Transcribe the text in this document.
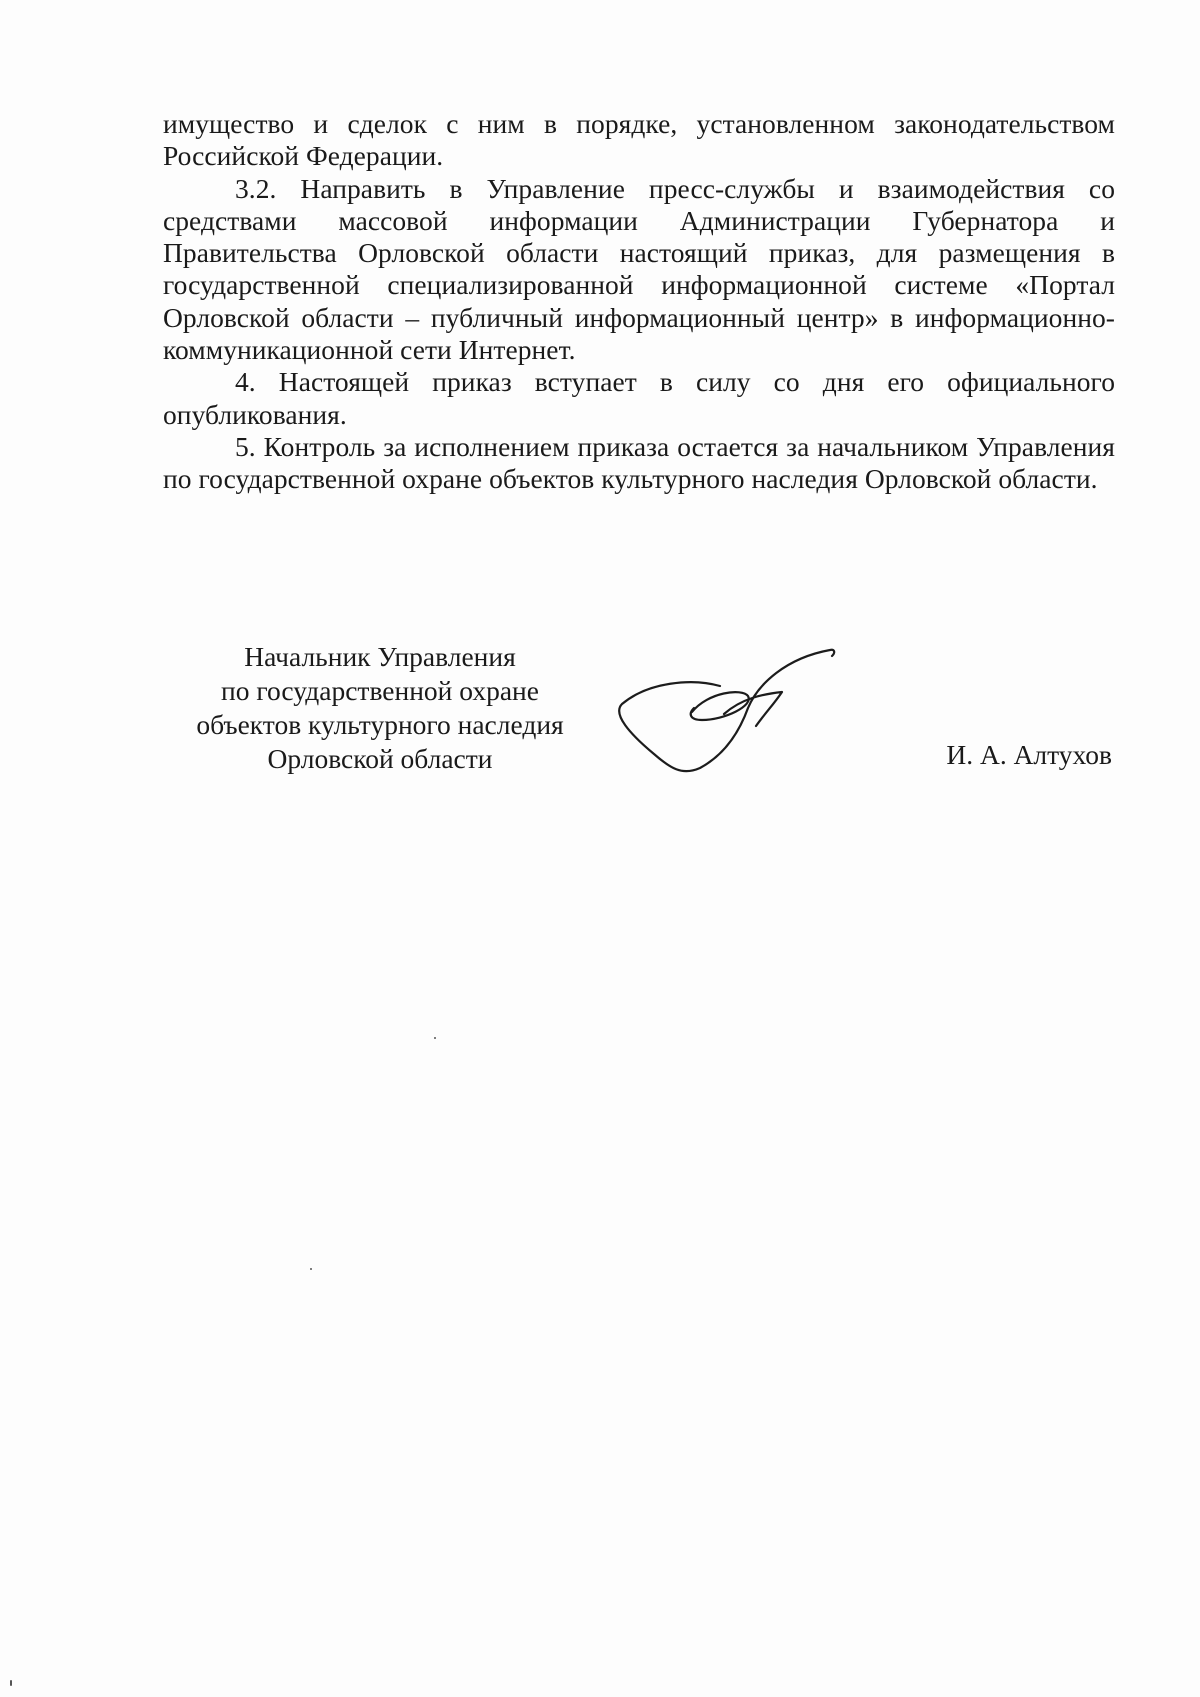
имущество и сделок с ним в порядке, установленном законодательством Российской Федерации.

3.2. Направить в Управление пресс-службы и взаимодействия со средствами массовой информации Администрации Губернатора и Правительства Орловской области настоящий приказ, для размещения в государственной специализированной информационной системе «Портал Орловской области – публичный информационный центр» в информационно-коммуникационной сети Интернет.

4. Настоящей приказ вступает в силу со дня его официального опубликования.

5. Контроль за исполнением приказа остается за начальником Управления по государственной охране объектов культурного наследия Орловской области.

Начальник Управления
по государственной охране
объектов культурного наследия
Орловской области	И. А. Алтухов
